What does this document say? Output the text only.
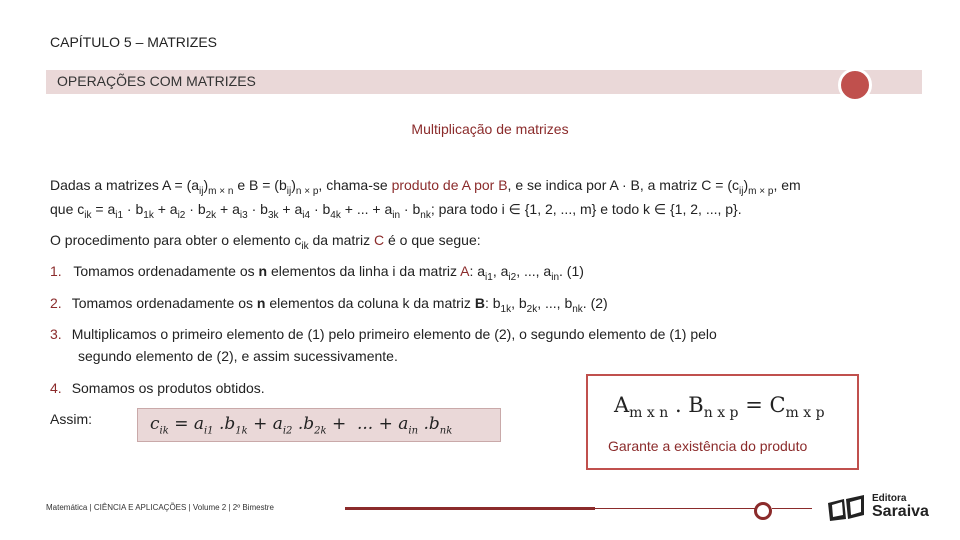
CAPÍTULO 5 – MATRIZES
OPERAÇÕES COM MATRIZES
Multiplicação de matrizes
Dadas a matrizes $A = (a_{ij})_{m \times n}$ e $B = (b_{ij})_{n \times p}$, chama-se produto de A por B, e se indica por A · B, a matriz $C = (c_{ij})_{m \times p}$, em
que $c_{ik} = a_{i1} \cdot b_{1k} + a_{i2} \cdot b_{2k} + a_{i3} \cdot b_{3k} + a_{i4} \cdot b_{4k}$ + ... + $a_{in} \cdot b_{nk}$; para todo i ∈ {1, 2, ..., m} e todo k ∈ {1, 2, ..., p}.
O procedimento para obter o elemento $c_{ik}$ da matriz C é o que segue:
1. Tomamos ordenadamente os n elementos da linha i da matriz A: $a_{i1}$, $a_{i2}$, ..., $a_{in}$. (1)
2. Tomamos ordenadamente os n elementos da coluna k da matriz B: $b_{1k}$, $b_{2k}$, ..., $b_{nk}$. (2)
3. Multiplicamos o primeiro elemento de (1) pelo primeiro elemento de (2), o segundo elemento de (1) pelo
segundo elemento de (2), e assim sucessivamente.
4. Somamos os produtos obtidos.
Assim:	$c_{ik} = a_{i1}$ $.b_{1k} + a_{i2}$ $.b_{2k}$ +  ... + $a_{in}$ $.b_{nk}$
$A_{m x n}$ . $B_{n x p} = C_{m x p}$
Garante a existência do produto
Matemática | CIÊNCIA E APLICAÇÕES | Volume 2 | 2º Bimestre
Editora
Saraiva
